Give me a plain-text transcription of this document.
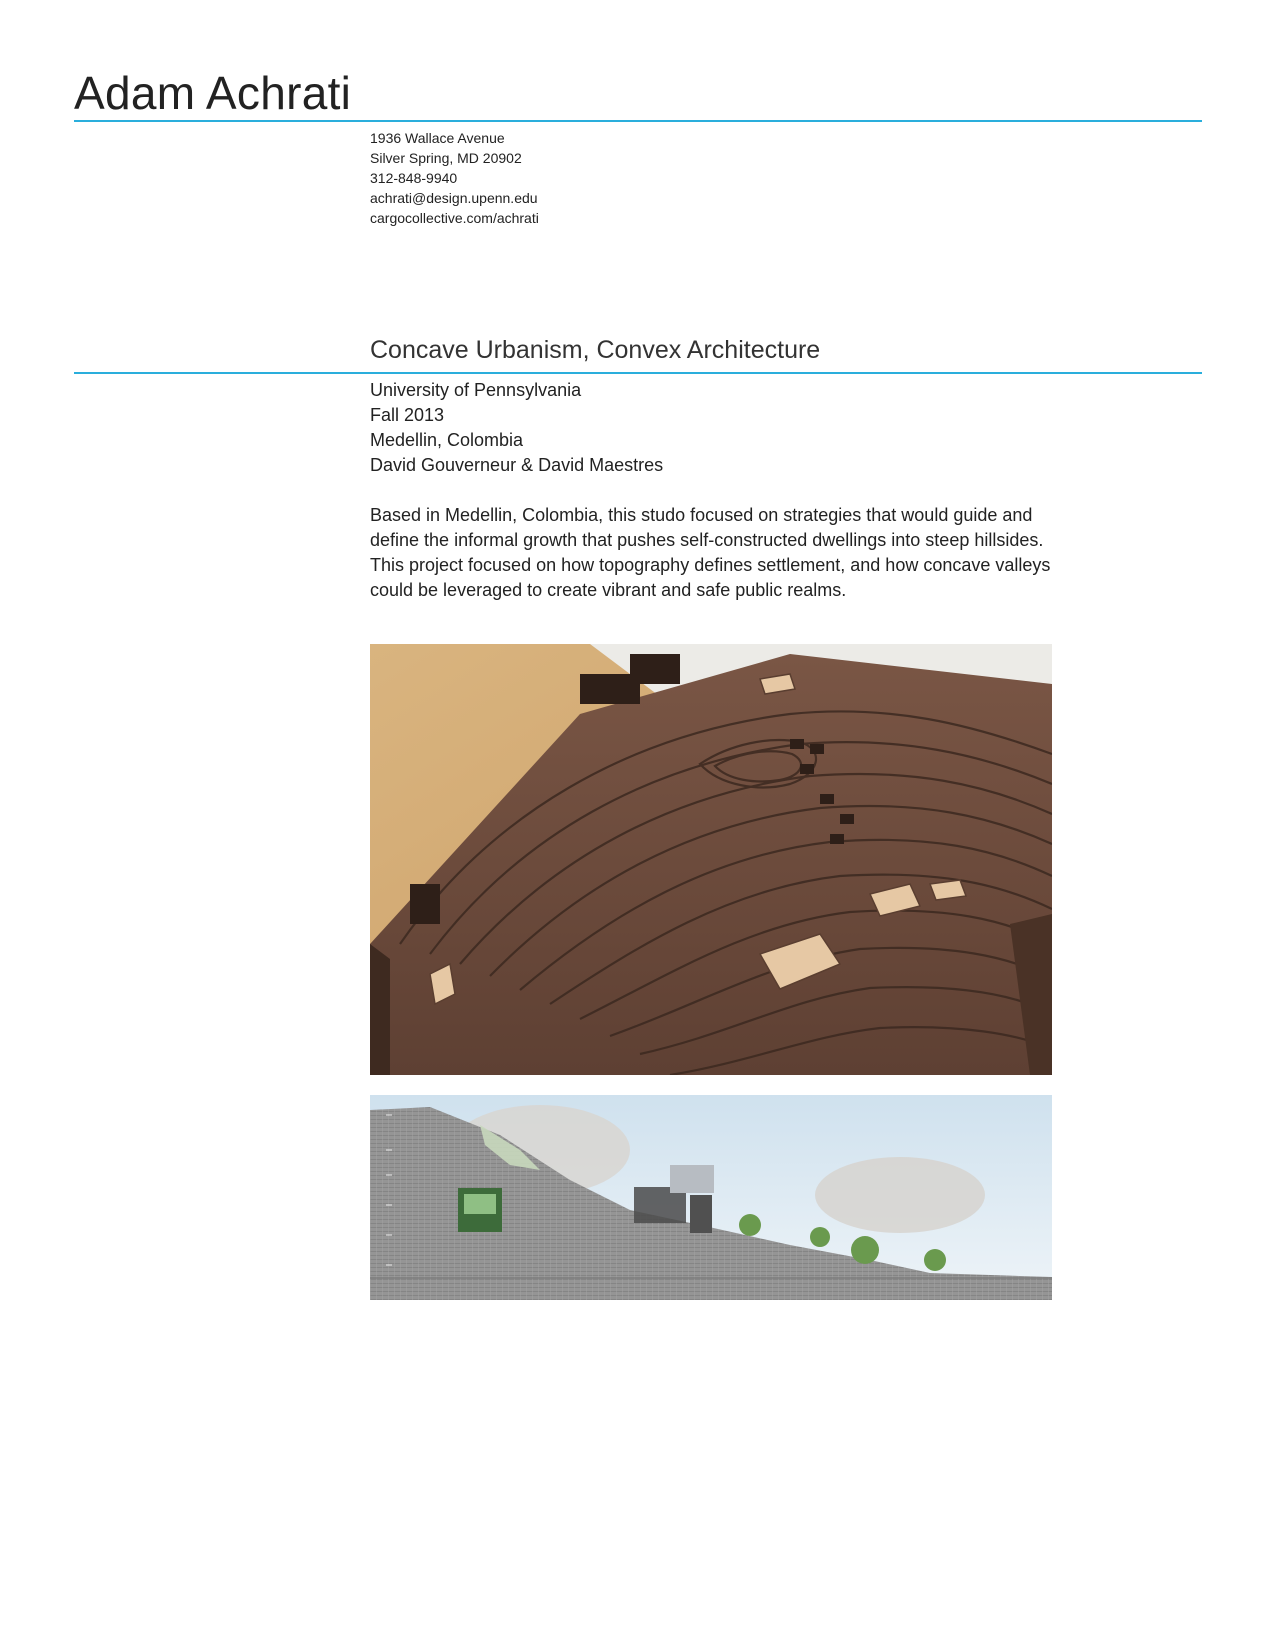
Adam Achrati
1936 Wallace Avenue
Silver Spring, MD 20902
312-848-9940
achrati@design.upenn.edu
cargocollective.com/achrati
Concave Urbanism, Convex Architecture
University of Pennsylvania
Fall 2013
Medellin, Colombia
David Gouverneur & David Maestres

Based in Medellin, Colombia, this studo focused on strategies that would guide and define the informal growth that pushes self-constructed dwellings into steep hillsides. This project focused on how topography defines settlement, and how concave valleys could be leveraged to create vibrant and safe public realms.
